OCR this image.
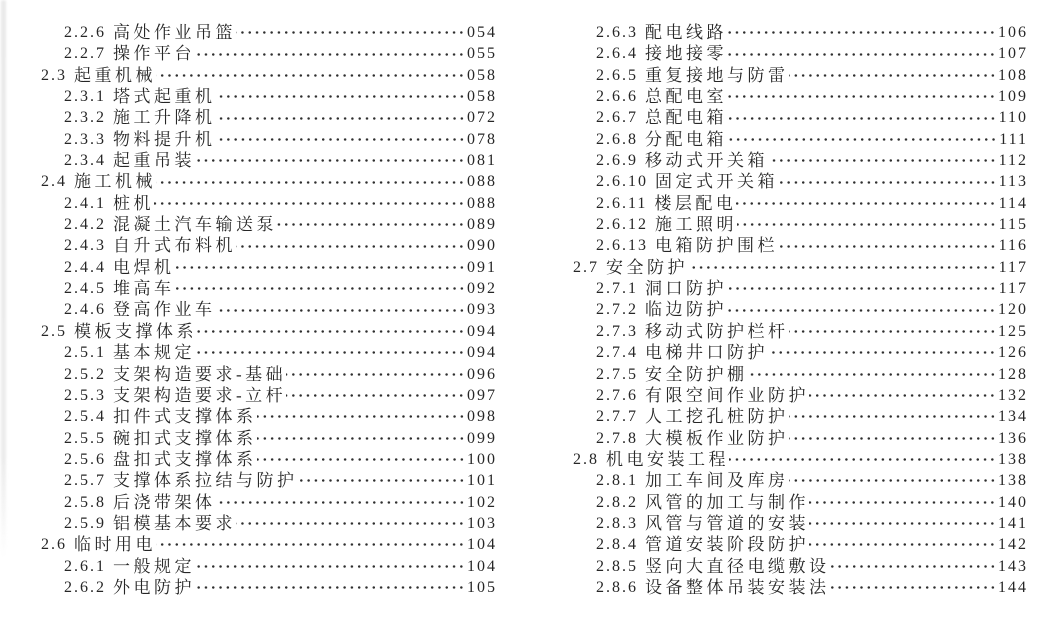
2.2.6 高处作业吊篮	054
2.2.7 操作平台	055
2.3 起重机械	058
2.3.1 塔式起重机	058
2.3.2 施工升降机	072
2.3.3 物料提升机	078
2.3.4 起重吊装	081
2.4 施工机械	088
2.4.1 桩机	088
2.4.2 混凝土汽车输送泵	089
2.4.3 自升式布料机	090
2.4.4 电焊机	091
2.4.5 堆高车	092
2.4.6 登高作业车	093
2.5 模板支撑体系	094
2.5.1 基本规定	094
2.5.2 支架构造要求-基础	096
2.5.3 支架构造要求-立杆	097
2.5.4 扣件式支撑体系	098
2.5.5 碗扣式支撑体系	099
2.5.6 盘扣式支撑体系	100
2.5.7 支撑体系拉结与防护	101
2.5.8 后浇带架体	102
2.5.9 铝模基本要求	103
2.6 临时用电	104
2.6.1 一般规定	104
2.6.2 外电防护	105
2.6.3 配电线路	106
2.6.4 接地接零	107
2.6.5 重复接地与防雷	108
2.6.6 总配电室	109
2.6.7 总配电箱	110
2.6.8 分配电箱	111
2.6.9 移动式开关箱	112
2.6.10 固定式开关箱	113
2.6.11 楼层配电	114
2.6.12 施工照明	115
2.6.13 电箱防护围栏	116
2.7 安全防护	117
2.7.1 洞口防护	117
2.7.2 临边防护	120
2.7.3 移动式防护栏杆	125
2.7.4 电梯井口防护	126
2.7.5 安全防护棚	128
2.7.6 有限空间作业防护	132
2.7.7 人工挖孔桩防护	134
2.7.8 大模板作业防护	136
2.8 机电安装工程	138
2.8.1 加工车间及库房	138
2.8.2 风管的加工与制作	140
2.8.3 风管与管道的安装	141
2.8.4 管道安装阶段防护	142
2.8.5 竖向大直径电缆敷设	143
2.8.6 设备整体吊装安装法	144
